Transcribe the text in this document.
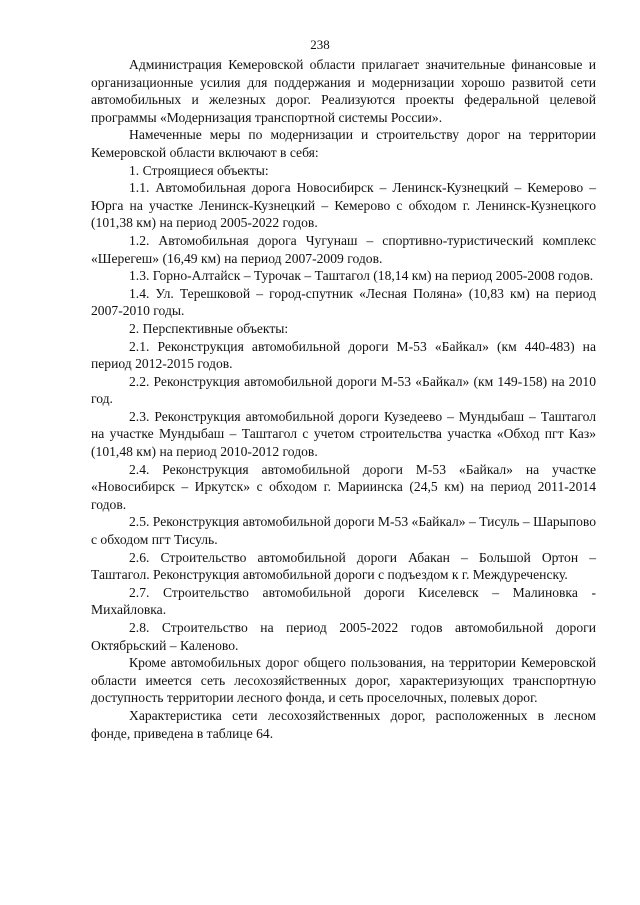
238

Администрация Кемеровской области прилагает значительные финансовые и организационные усилия для поддержания и модернизации хорошо развитой сети автомобильных и железных дорог. Реализуются проекты федеральной целевой программы «Модернизация транспортной системы России».

Намеченные меры по модернизации и строительству дорог на территории Кемеровской области включают в себя:

1. Строящиеся объекты:

1.1. Автомобильная дорога Новосибирск – Ленинск-Кузнецкий – Кемерово – Юрга на участке Ленинск-Кузнецкий – Кемерово с обходом г. Ленинск-Кузнецкого (101,38 км) на период 2005-2022 годов.

1.2. Автомобильная дорога Чугунаш – спортивно-туристический комплекс «Шерегеш» (16,49 км) на период 2007-2009 годов.

1.3. Горно-Алтайск – Турочак – Таштагол (18,14 км) на период 2005-2008 годов.

1.4. Ул. Терешковой – город-спутник «Лесная Поляна» (10,83 км) на период 2007-2010 годы.

2. Перспективные объекты:

2.1. Реконструкция автомобильной дороги М-53 «Байкал» (км 440-483) на период 2012-2015 годов.

2.2. Реконструкция автомобильной дороги М-53 «Байкал» (км 149-158) на 2010 год.

2.3. Реконструкция автомобильной дороги Кузедеево – Мундыбаш – Таштагол на участке Мундыбаш – Таштагол с учетом строительства участка «Обход пгт Каз» (101,48 км) на период 2010-2012 годов.

2.4. Реконструкция автомобильной дороги М-53 «Байкал» на участке «Новосибирск – Иркутск» с обходом г. Мариинска (24,5 км) на период 2011-2014 годов.

2.5. Реконструкция автомобильной дороги М-53 «Байкал» – Тисуль – Шарыпово с обходом пгт Тисуль.

2.6. Строительство автомобильной дороги Абакан – Большой Ортон – Таштагол. Реконструкция автомобильной дороги с подъездом к г. Междуреченску.

2.7. Строительство автомобильной дороги Киселевск – Малиновка - Михайловка.

2.8. Строительство на период 2005-2022 годов автомобильной дороги Октябрьский – Каленово.

Кроме автомобильных дорог общего пользования, на территории Кемеровской области имеется сеть лесохозяйственных дорог, характеризующих транспортную доступность территории лесного фонда, и сеть проселочных, полевых дорог.

Характеристика сети лесохозяйственных дорог, расположенных в лесном фонде, приведена в таблице 64.
